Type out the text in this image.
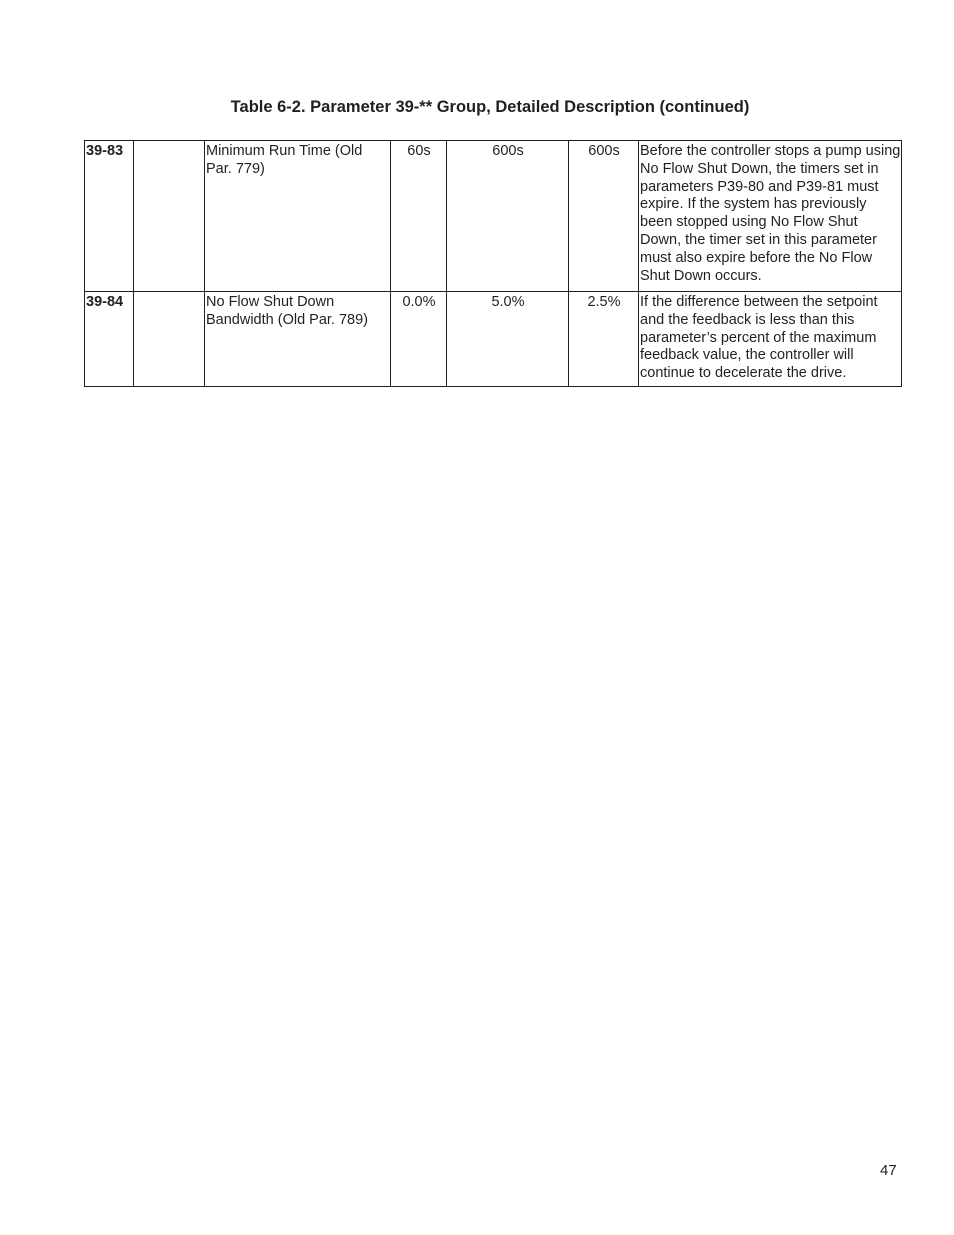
Table 6-2. Parameter 39-** Group, Detailed Description (continued)
39-83		Minimum Run Time (Old Par. 779)	60s	600s	600s	Before the controller stops a pump using No Flow Shut Down, the timers set in parameters P39-80 and P39-81 must expire. If the system has previously been stopped using No Flow Shut Down, the timer set in this parameter must also expire before the No Flow Shut Down occurs.
39-84		No Flow Shut Down Bandwidth (Old Par. 789)	0.0%	5.0%	2.5%	If the difference between the setpoint and the feedback is less than this parameter’s percent of the maximum feedback value, the controller will continue to decelerate the drive.
47
